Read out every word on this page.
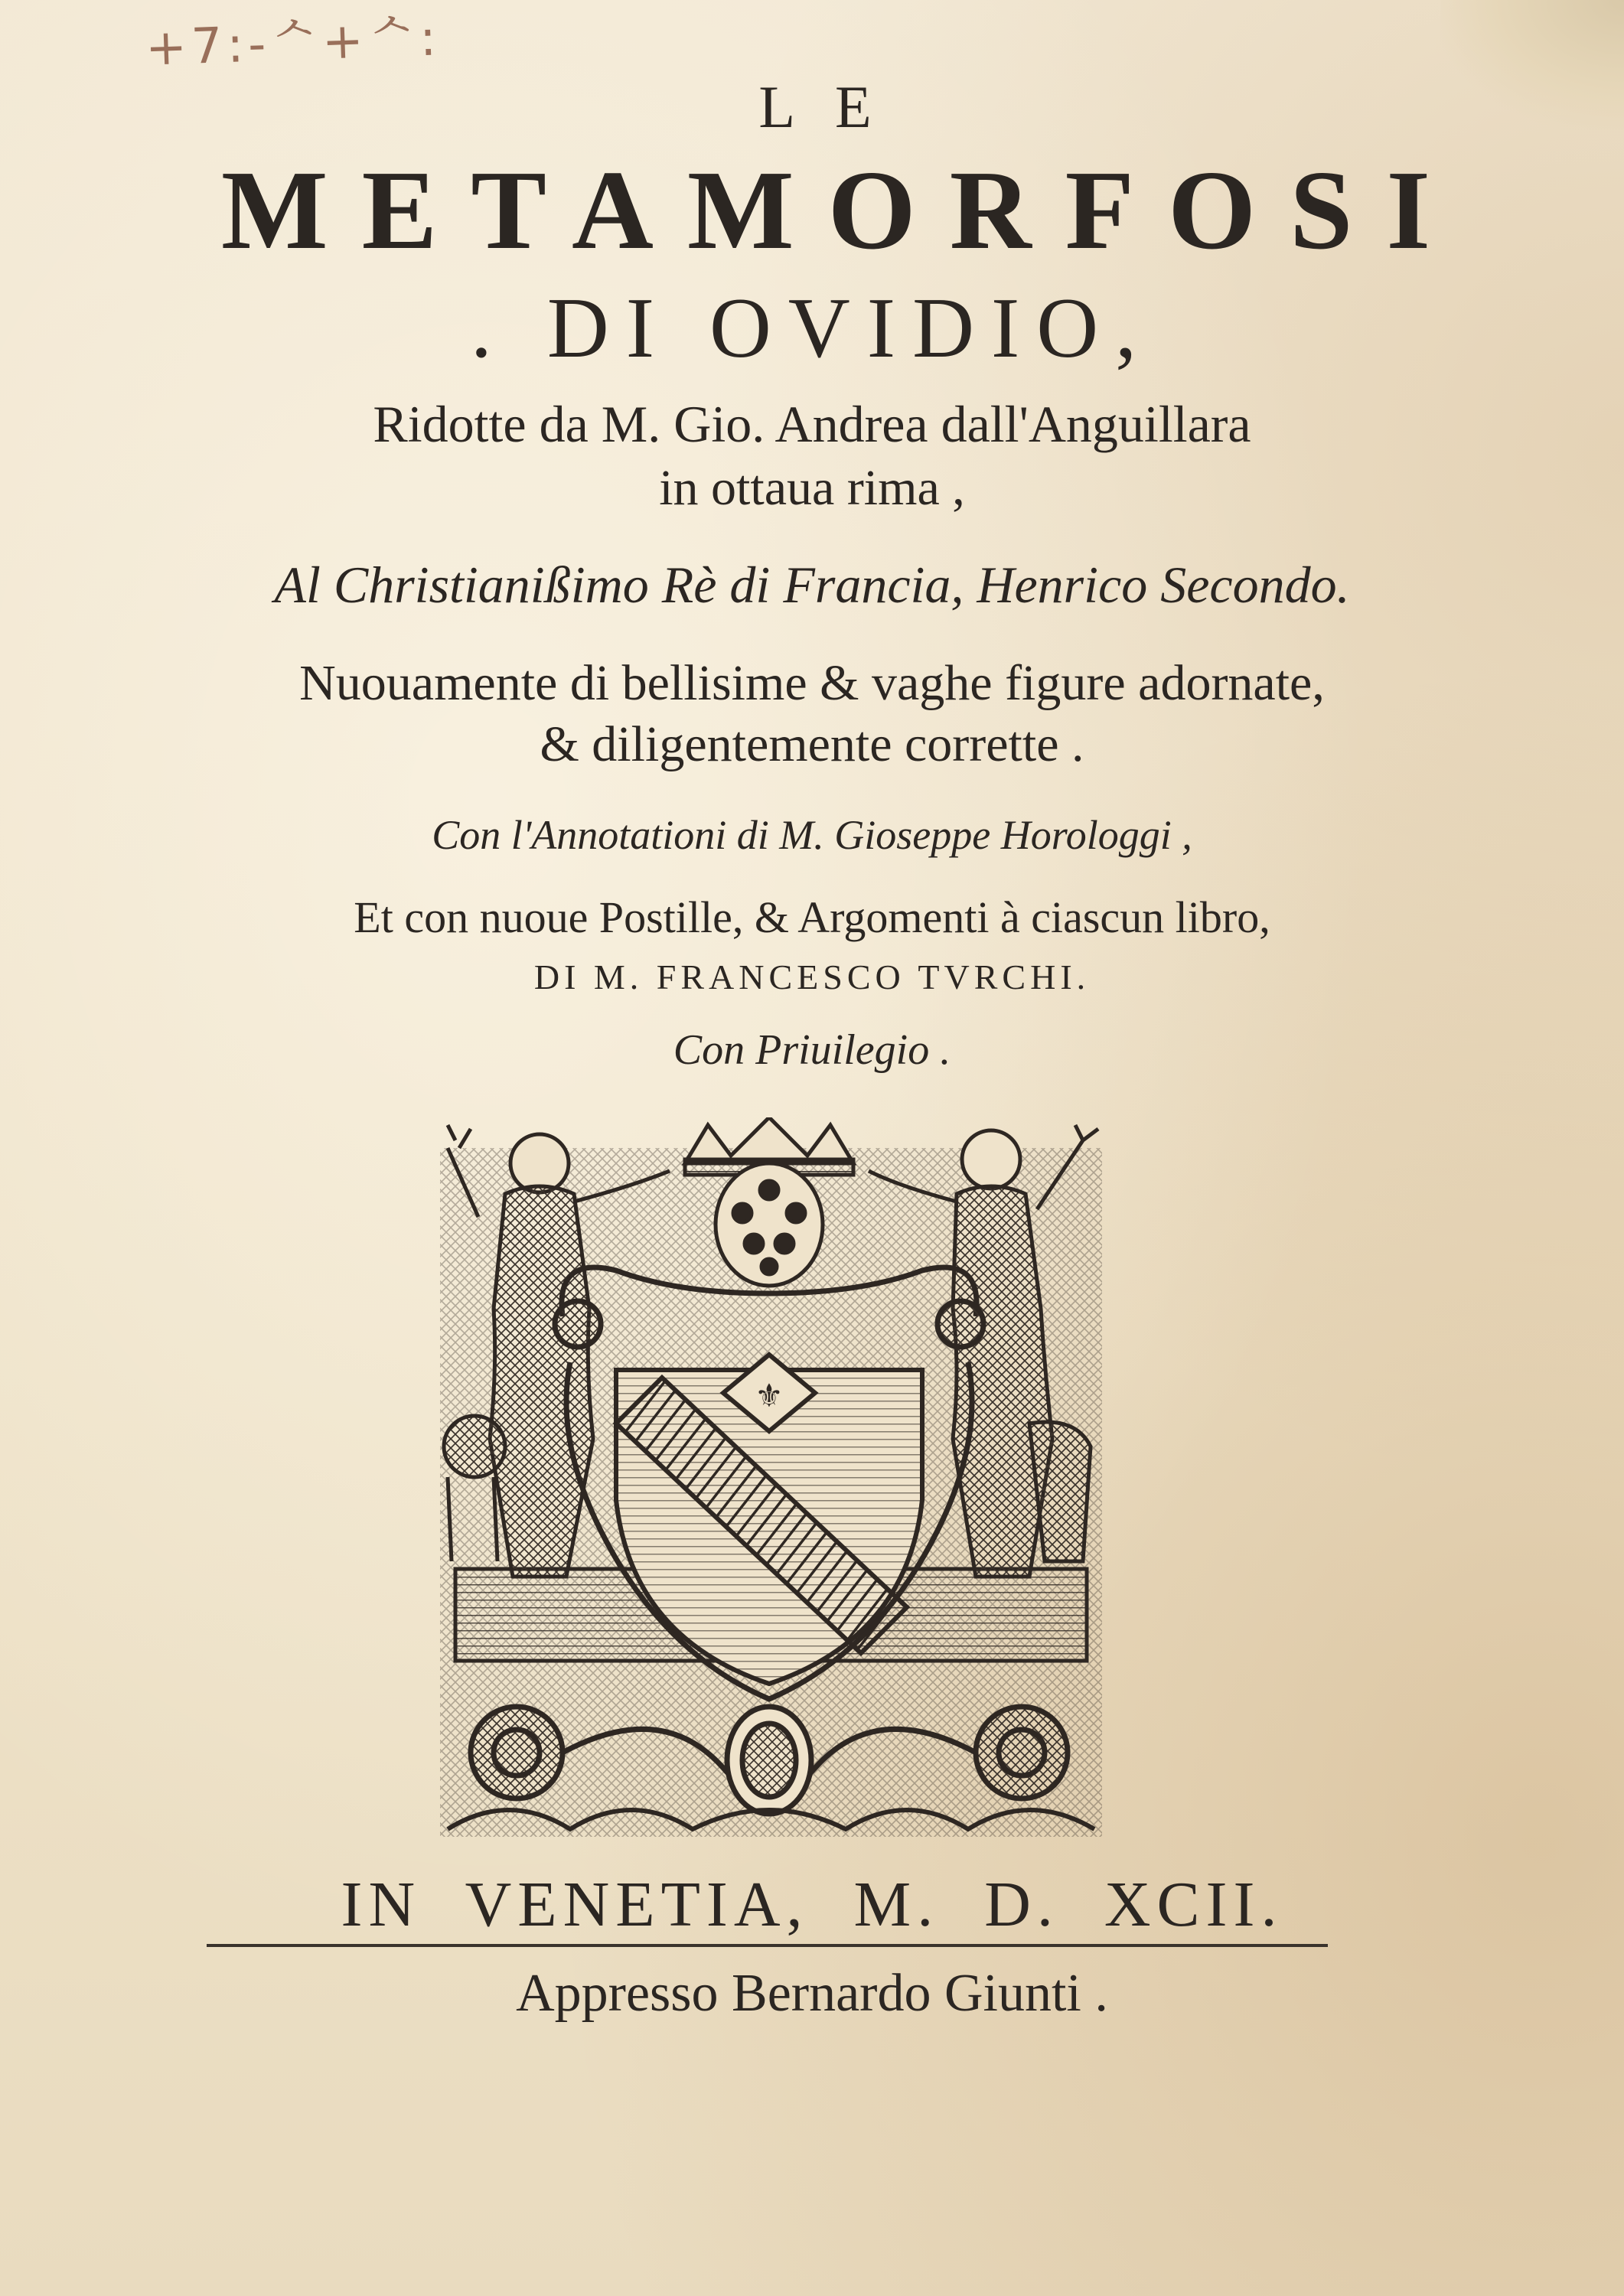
+7:-ᄉ+ᄉ:
LE
METAMORFOSI
. DI OVIDIO,
Ridotte da M. Gio. Andrea dall'Anguillara
in ottaua rima ,
Al Christianißimo Rè di Francia, Henrico Secondo.
Nuouamente di bellisime & vaghe figure adornate,
& diligentemente corrette .
Con l'Annotationi di M. Gioseppe Horologgi ,
Et con nuoue Postille, & Argomenti à ciascun libro,
DI M. FRANCESCO TVRCHI.
Con Priuilegio .
⚜
IN VENETIA, M. D. XCII.
Appresso Bernardo Giunti .
